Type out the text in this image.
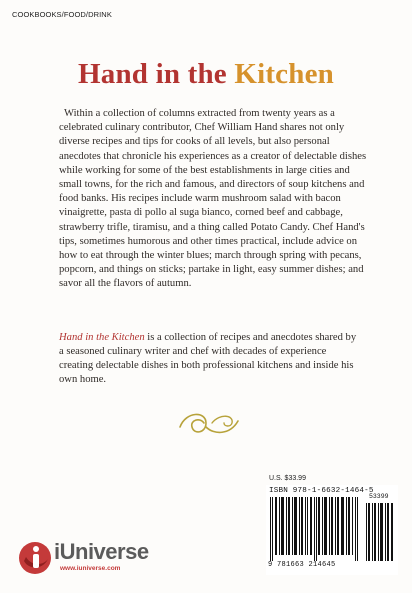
COOKBOOKS/FOOD/DRINK
Hand in the Kitchen

Within a collection of columns extracted from twenty years as a celebrated culinary contributor, Chef William Hand shares not only diverse recipes and tips for cooks of all levels, but also personal anecdotes that chronicle his experiences as a creator of delectable dishes while working for some of the best establishments in large cities and small towns, for the rich and famous, and directors of soup kitchens and food banks. His recipes include warm mushroom salad with bacon vinaigrette, pasta di pollo al suga bianco, corned beef and cabbage, strawberry trifle, tiramisu, and a thing called Potato Candy. Chef Hand's tips, sometimes humorous and other times practical, include advice on how to eat through the winter blues; march through spring with pecans, popcorn, and things on sticks; partake in light, easy summer dishes; and savor all the flavors of autumn.

Hand in the Kitchen is a collection of recipes and anecdotes shared by a seasoned culinary writer and chef with decades of experience creating delectable dishes in both professional kitchens and inside his own home.

U.S. $33.99
ISBN 978-1-6632-1464-5
53399
9 781663 214645
iUniverse
www.iuniverse.com
